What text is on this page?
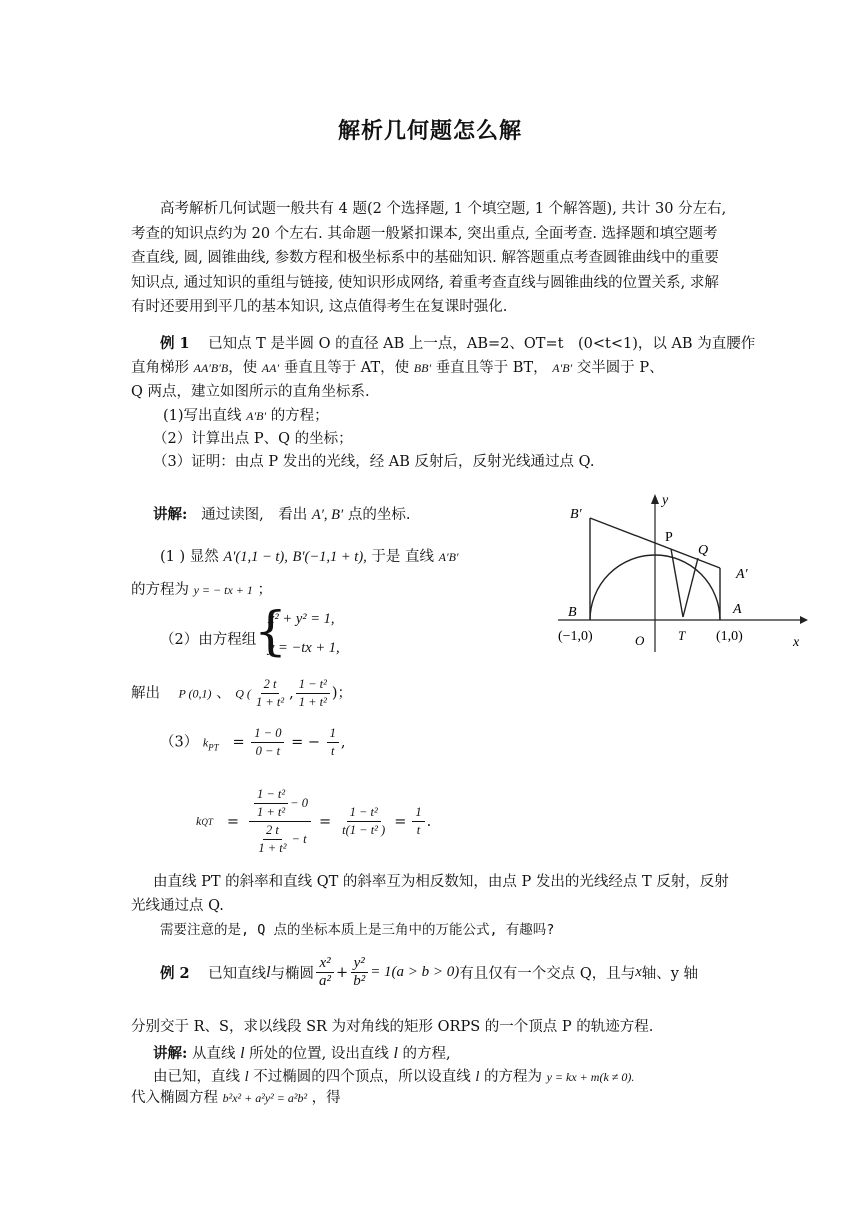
解析几何题怎么解
高考解析几何试题一般共有 4 题(2 个选择题, 1 个填空题, 1 个解答题), 共计 30 分左右, 考查的知识点约为 20 个左右. 其命题一般紧扣课本, 突出重点, 全面考查. 选择题和填空题考查直线, 圆, 圆锥曲线, 参数方程和极坐标系中的基础知识. 解答题重点考查圆锥曲线中的重要知识点, 通过知识的重组与链接, 使知识形成网络, 着重考查直线与圆锥曲线的位置关系, 求解有时还要用到平几的基本知识, 这点值得考生在复课时强化.
例 1 已知点 T 是半圆 O 的直径 AB 上一点，AB=2、OT=t　(0<t<1)，以 AB 为直腰作
直角梯形 AA′B′B，使 AA′ 垂直且等于 AT，使 BB′ 垂直且等于 BT， A′B′ 交半圆于 P、
Q 两点，建立如图所示的直角坐标系.
(1)写出直线 A′B′ 的方程；
（2）计算出点 P、Q 的坐标；
（3）证明：由点 P 发出的光线，经 AB 反射后，反射光线通过点 Q.
讲解: 通过读图,　看出 A′, B′ 点的坐标.
(1 ) 显然 A′(1,1 − t), B′(−1,1 + t), 于是 直线 A′B′
的方程为 y = − tx + 1 ；
（2）由方程组
{
x² + y² = 1,
y = −tx + 1,
解出 P (0,1) 、 Q ( $\frac{2 t}{\text{1 + t²}}$ , $\frac{\text{1 − t²}}{\text{1 + t²}}$ )；
（3） $k_{PT} = \frac{1 - 0}{0 - t}$ = − $\frac{1}{t}$ ,
k QT = $\frac{\frac{\text{1 − t²}}{\text{1 + t²}} - 0}{\frac{2 t}{\text{1 + t²}} - t} = \frac{\text{1 − t²}}{\text{t(1 − t² )}} = \frac{1}{t}$ .
由直线 PT 的斜率和直线 QT 的斜率互为相反数知，由点 P 发出的光线经点 T 反射，反射光线通过点 Q.
需要注意的是, Q 点的坐标本质上是三角中的万能公式, 有趣吗?
例 2
已知直线 l 与椭圆 $\frac{\text{x²}}{\text{a²}} + \frac{\text{y²}}{\text{b²}} = 1(a > b > 0)$ 有且仅有一个交点 Q，且与 x 轴、y 轴
分别交于 R、S，求以线段 SR 为对角线的矩形 ORPS 的一个顶点 P 的轨迹方程.
讲解: 从直线 l 所处的位置, 设出直线 l 的方程,
由已知，直线 l 不过椭圆的四个顶点，所以设直线 l 的方程为 y = kx + m(k ≠ 0).
代入椭圆方程 b²x² + a²y² = a²b² ，得
y
x
B′
P
Q
A′
B	A
O	T
(−1,0)	(1,0)
